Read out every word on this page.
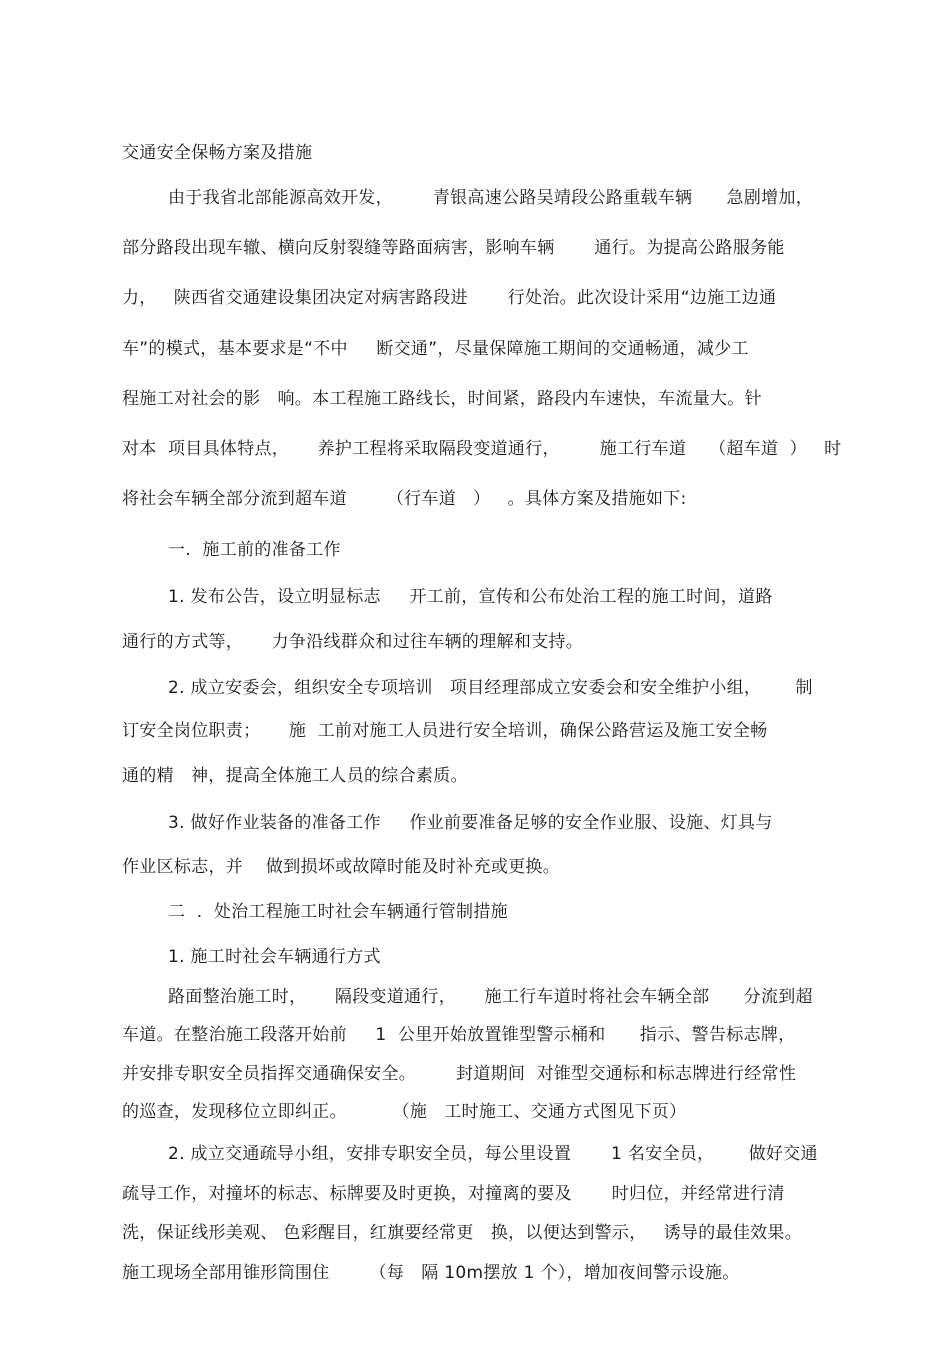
交通安全保畅方案及措施
由于我省北部能源高效开发，       青银高速公路吴靖段公路重载车辆      急剧增加，
部分路段出现车辙、横向反射裂缝等路面病害，影响车辆       通行。为提高公路服务能
力，   陕西省交通建设集团决定对病害路段进       行处治。此次设计采用“边施工边通
车”的模式，基本要求是“不中     断交通”，尽量保障施工期间的交通畅通，减少工
程施工对社会的影   响。本工程施工路线长，时间紧，路段内车速快，车流量大。针
对本  项目具体特点，     养护工程将采取隔段变道通行，       施工行车道    （超车道  ）   时
将社会车辆全部分流到超车道       （行车道   ）   。具体方案及措施如下:
一.  施工前的准备工作
1. 发布公告，设立明显标志     开工前，宣传和公布处治工程的施工时间，道路
通行的方式等，     力争沿线群众和过往车辆的理解和支持。
2. 成立安委会，组织安全专项培训   项目经理部成立安委会和安全维护小组，      制
订安全岗位职责；     施  工前对施工人员进行安全培训，确保公路营运及施工安全畅
通的精   神，提高全体施工人员的综合素质。
3. 做好作业装备的准备工作     作业前要准备足够的安全作业服、设施、灯具与
作业区标志，并    做到损坏或故障时能及时补充或更换。
二  .  处治工程施工时社会车辆通行管制措施
1. 施工时社会车辆通行方式
路面整治施工时，     隔段变道通行，     施工行车道时将社会车辆全部      分流到超
车道。在整治施工段落开始前     1  公里开始放置锥型警示桶和      指示、警告标志牌，
并安排专职安全员指挥交通确保安全。       封道期间  对锥型交通标和标志牌进行经常性
的巡查，发现移位立即纠正。        （施   工时施工、交通方式图见下页）
2. 成立交通疏导小组，安排专职安全员，每公里设置       1 名安全员，      做好交通
疏导工作，对撞坏的标志、标牌要及时更换，对撞离的要及       时归位，并经常进行清
洗，保证线形美观、 色彩醒目，红旗要经常更   换，以便达到警示，   诱导的最佳效果。
施工现场全部用锥形筒围住       （每   隔 10m摆放 1 个），增加夜间警示设施。
